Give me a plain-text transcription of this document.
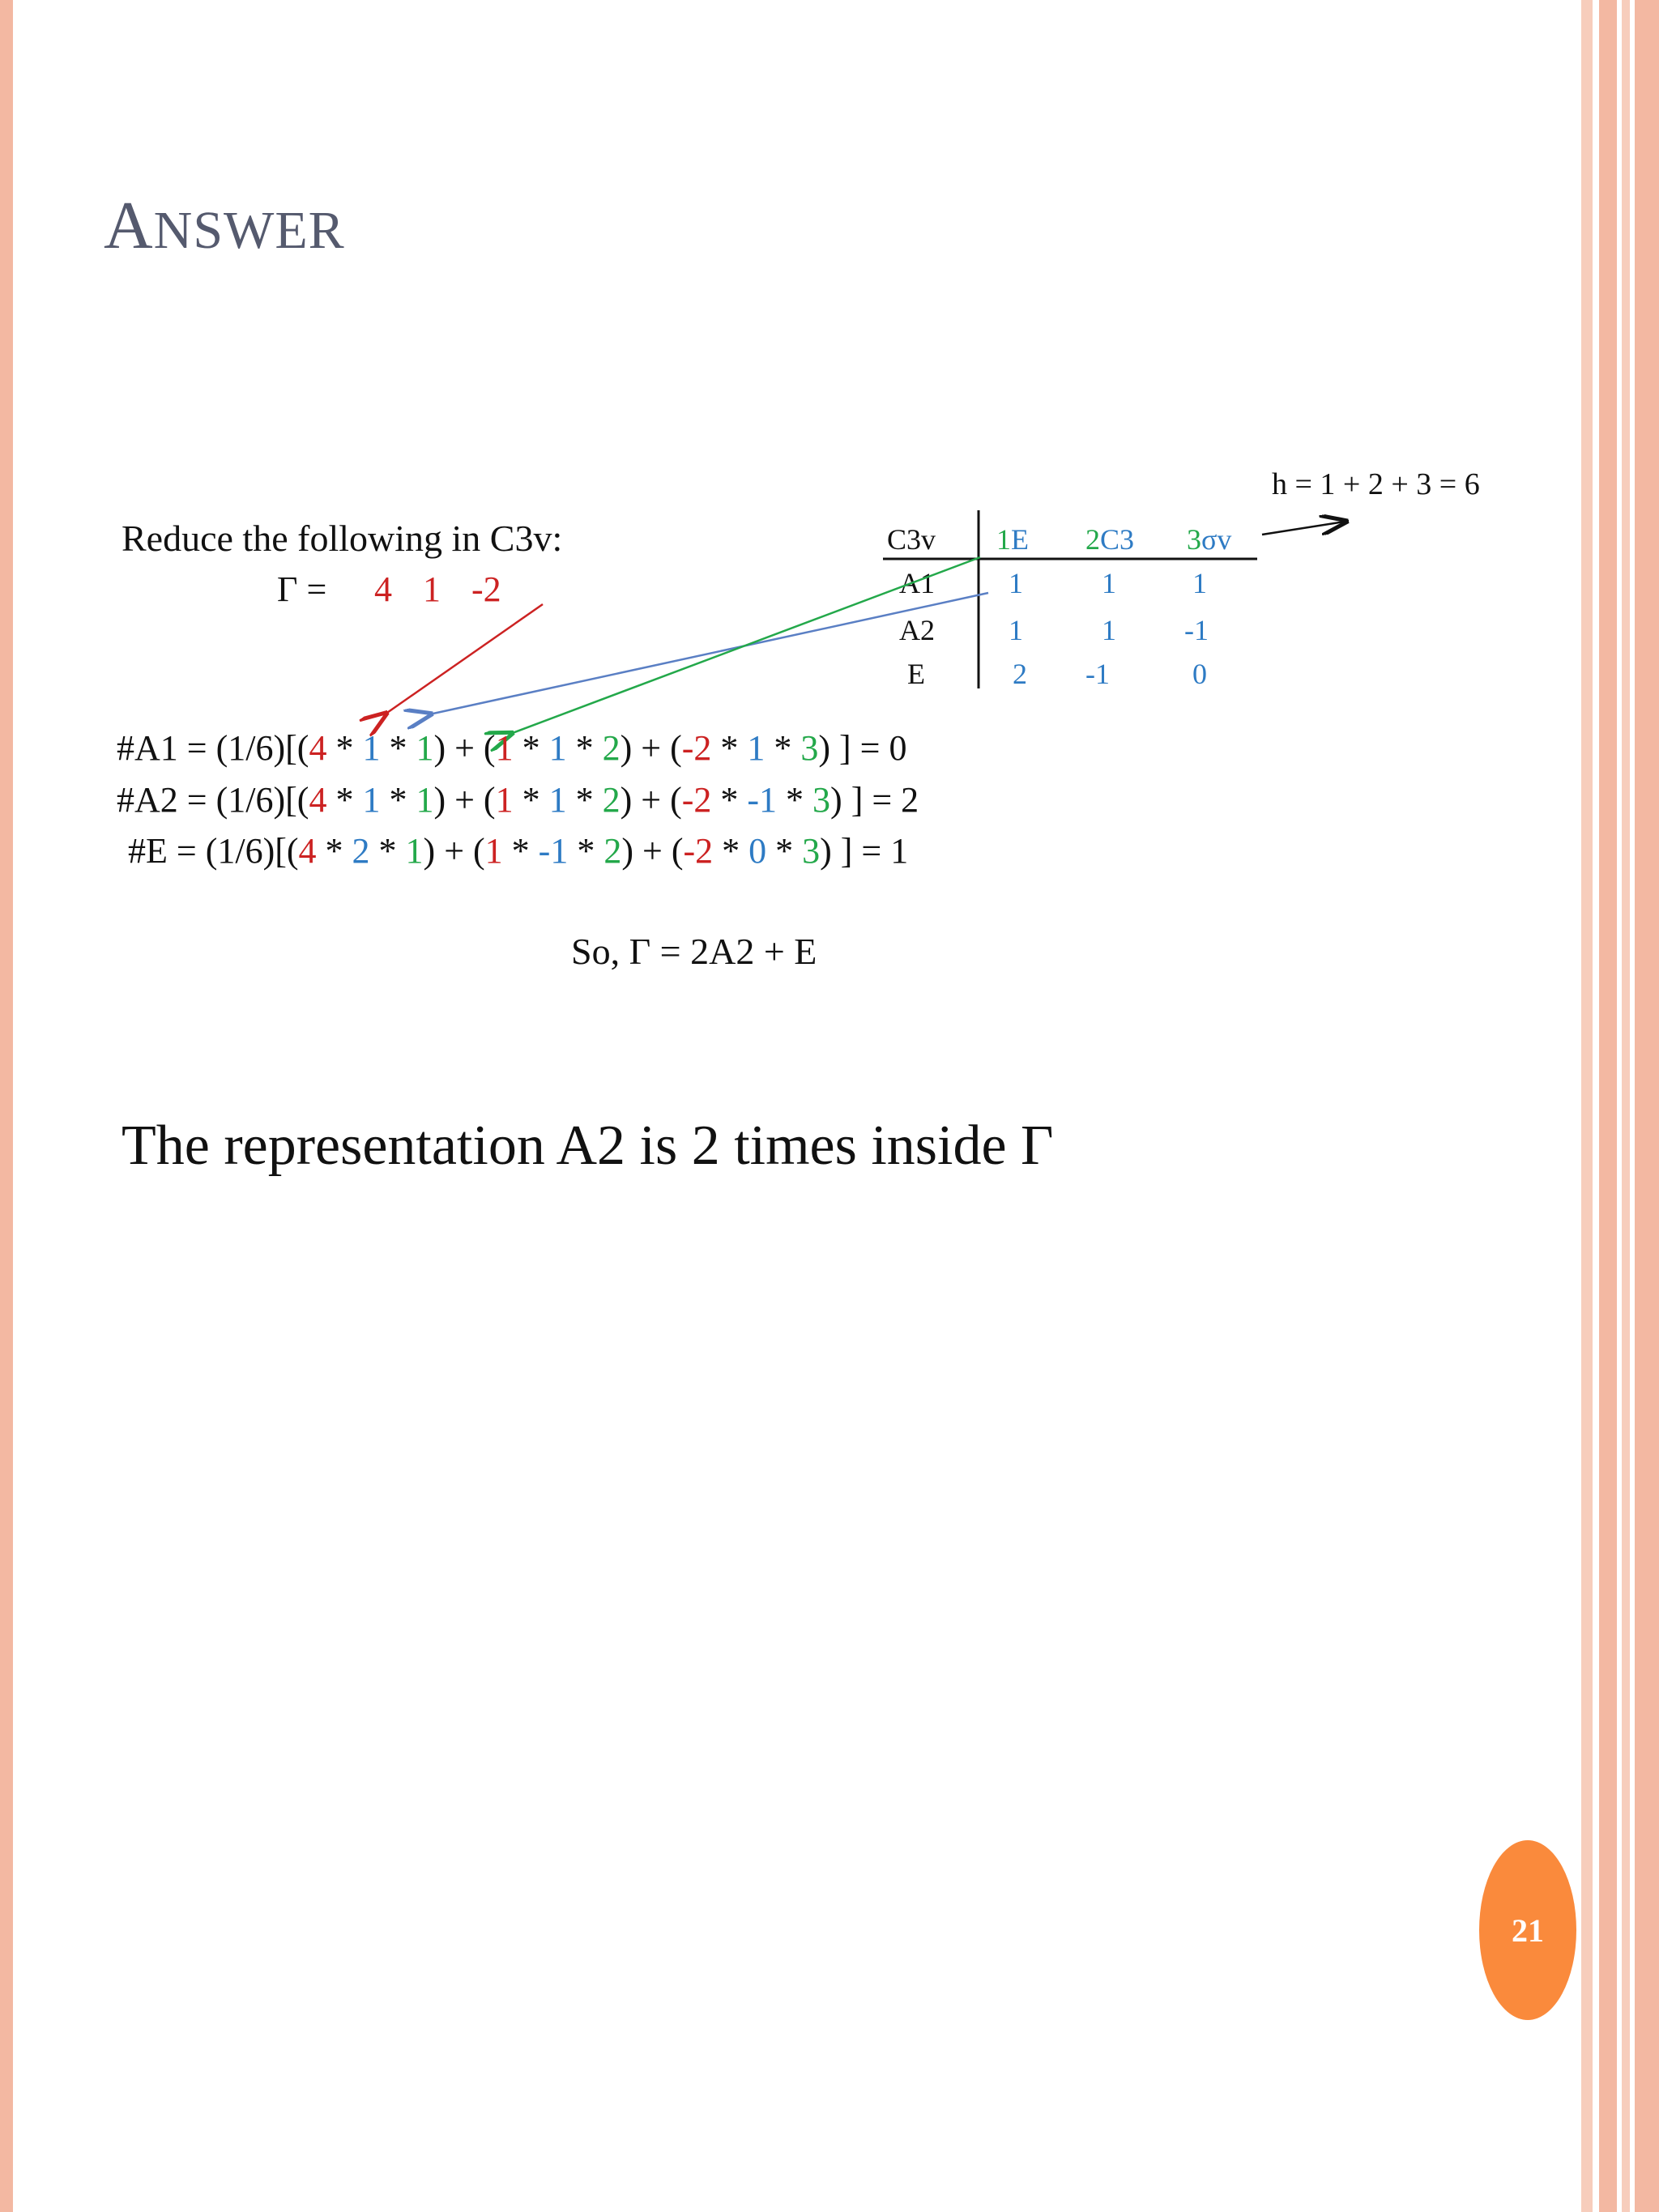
ANSWER
h = 1 + 2 + 3 = 6
Reduce the following in C3v:
Γ = 4 1 -2
C3v 1E 2C3 3σv
A1	1	1	1
A2	1	1 -1
E	2 -1	0
#A1 = (1/6)[(4 * 1 * 1) + (1 * 1 * 2) + (-2 * 1 * 3) ] = 0
#A2 = (1/6)[(4 * 1 * 1) + (1 * 1 * 2) + (-2 * -1 * 3) ] = 2
#E = (1/6)[(4 * 2 * 1) + (1 * -1 * 2) + (-2 * 0 * 3) ] = 1
So, Γ = 2A2 + E
The representation A2 is 2 times inside Γ
21
